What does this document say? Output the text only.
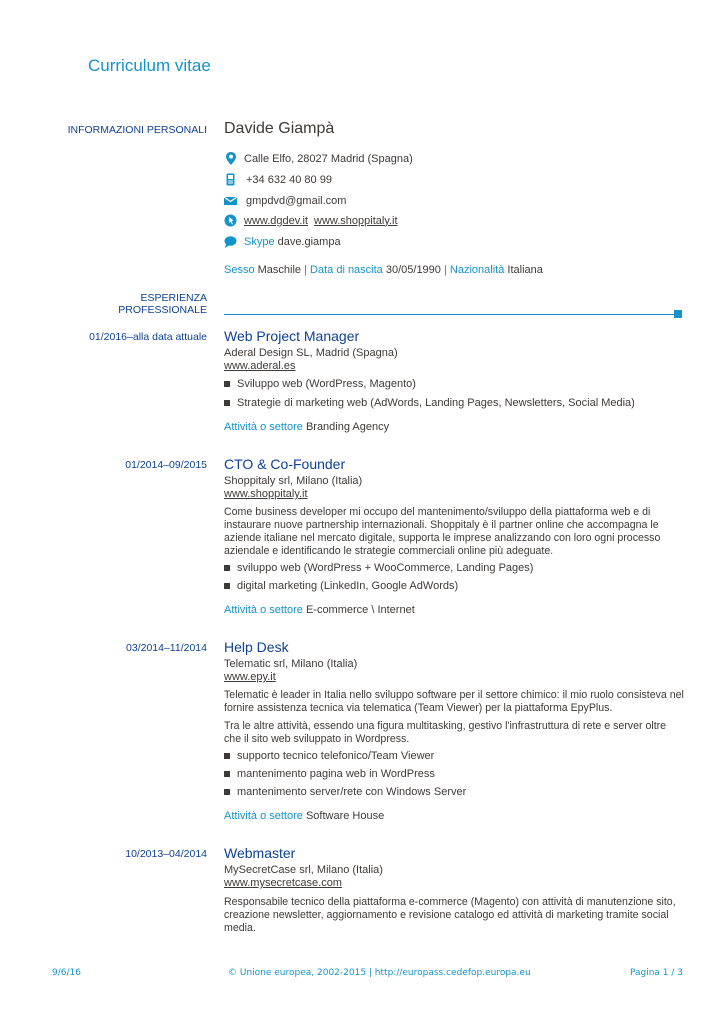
Curriculum vitae
INFORMAZIONI PERSONALI Davide Giampà
Calle Elfo, 28027 Madrid (Spagna)
+34 632 40 80 99
gmpdvd@gmail.com
www.dgdev.it www.shoppitaly.it
Skype dave.giampa
Sesso Maschile | Data di nascita 30/05/1990 | Nazionalità Italiana
ESPERIENZA
PROFESSIONALE
01/2016–alla data attuale Web Project Manager
Aderal Design SL, Madrid (Spagna)
www.aderal.es
Sviluppo web (WordPress, Magento)
Strategie di marketing web (AdWords, Landing Pages, Newsletters, Social Media)
Attività o settore Branding Agency
01/2014–09/2015 CTO & Co-Founder
Shoppitaly srl, Milano (Italia)
www.shoppitaly.it
Come business developer mi occupo del mantenimento/sviluppo della piattaforma web e di instaurare nuove partnership internazionali. Shoppitaly è il partner online che accompagna le aziende italiane nel mercato digitale, supporta le imprese analizzando con loro ogni processo aziendale e identificando le strategie commerciali online più adeguate.
sviluppo web (WordPress + WooCommerce, Landing Pages)
digital marketing (LinkedIn, Google AdWords)
Attività o settore E-commerce \ Internet
03/2014–11/2014 Help Desk
Telematic srl, Milano (Italia)
www.epy.it
Telematic è leader in Italia nello sviluppo software per il settore chimico: il mio ruolo consisteva nel fornire assistenza tecnica via telematica (Team Viewer) per la piattaforma EpyPlus.
Tra le altre attività, essendo una figura multitasking, gestivo l'infrastruttura di rete e server oltre che il sito web sviluppato in Wordpress.
supporto tecnico telefonico/Team Viewer
mantenimento pagina web in WordPress
mantenimento server/rete con Windows Server
Attività o settore Software House
10/2013–04/2014 Webmaster
MySecretCase srl, Milano (Italia)
www.mysecretcase.com
Responsabile tecnico della piattaforma e-commerce (Magento) con attività di manutenzione sito, creazione newsletter, aggiornamento e revisione catalogo ed attività di marketing tramite social media.
9/6/16	© Unione europea, 2002-2015 | http://europass.cedefop.europa.eu	Pagina 1 / 3
